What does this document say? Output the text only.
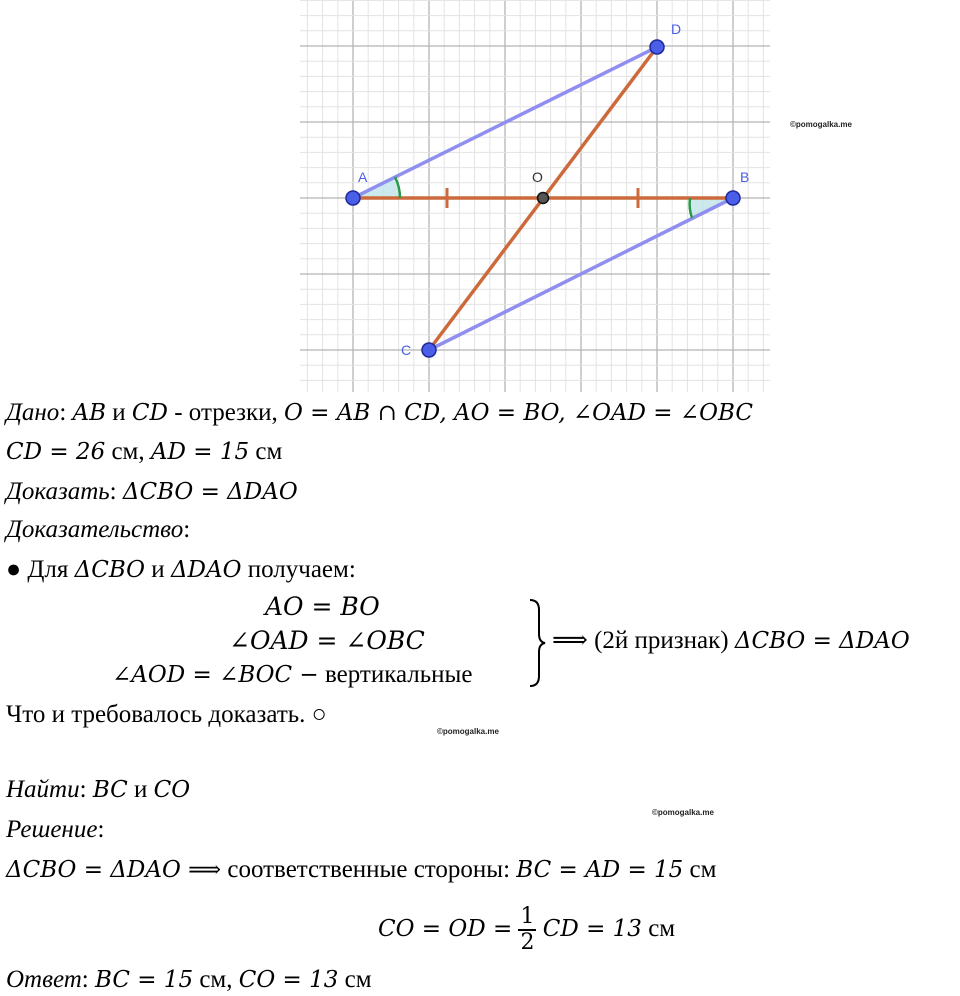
A	B
C
D
O
©pomogalka.me
©pomogalka.me
©pomogalka.me
Дано: AB и CD - отрезки, O = AB ∩ CD, AO = BO, ∠OAD = ∠OBC
CD = 26 см, AD = 15 см
Доказать: ΔCBO = ΔDAO
Доказательство:
● Для ΔCBO и ΔDAO получаем:
AO = BO
∠OAD = ∠OBC
∠AOD = ∠BOC − вертикальные
⟹ (2й признак) ΔCBO = ΔDAO
Что и требовалось доказать. ○
Найти: BC и CO
Решение:
ΔCBO = ΔDAO ⟹ соответственные стороны: BC = AD = 15 см
CO = OD = $\frac{1}{2}$ CD = 13 см
Ответ: BC = 15 см, CO = 13 см
